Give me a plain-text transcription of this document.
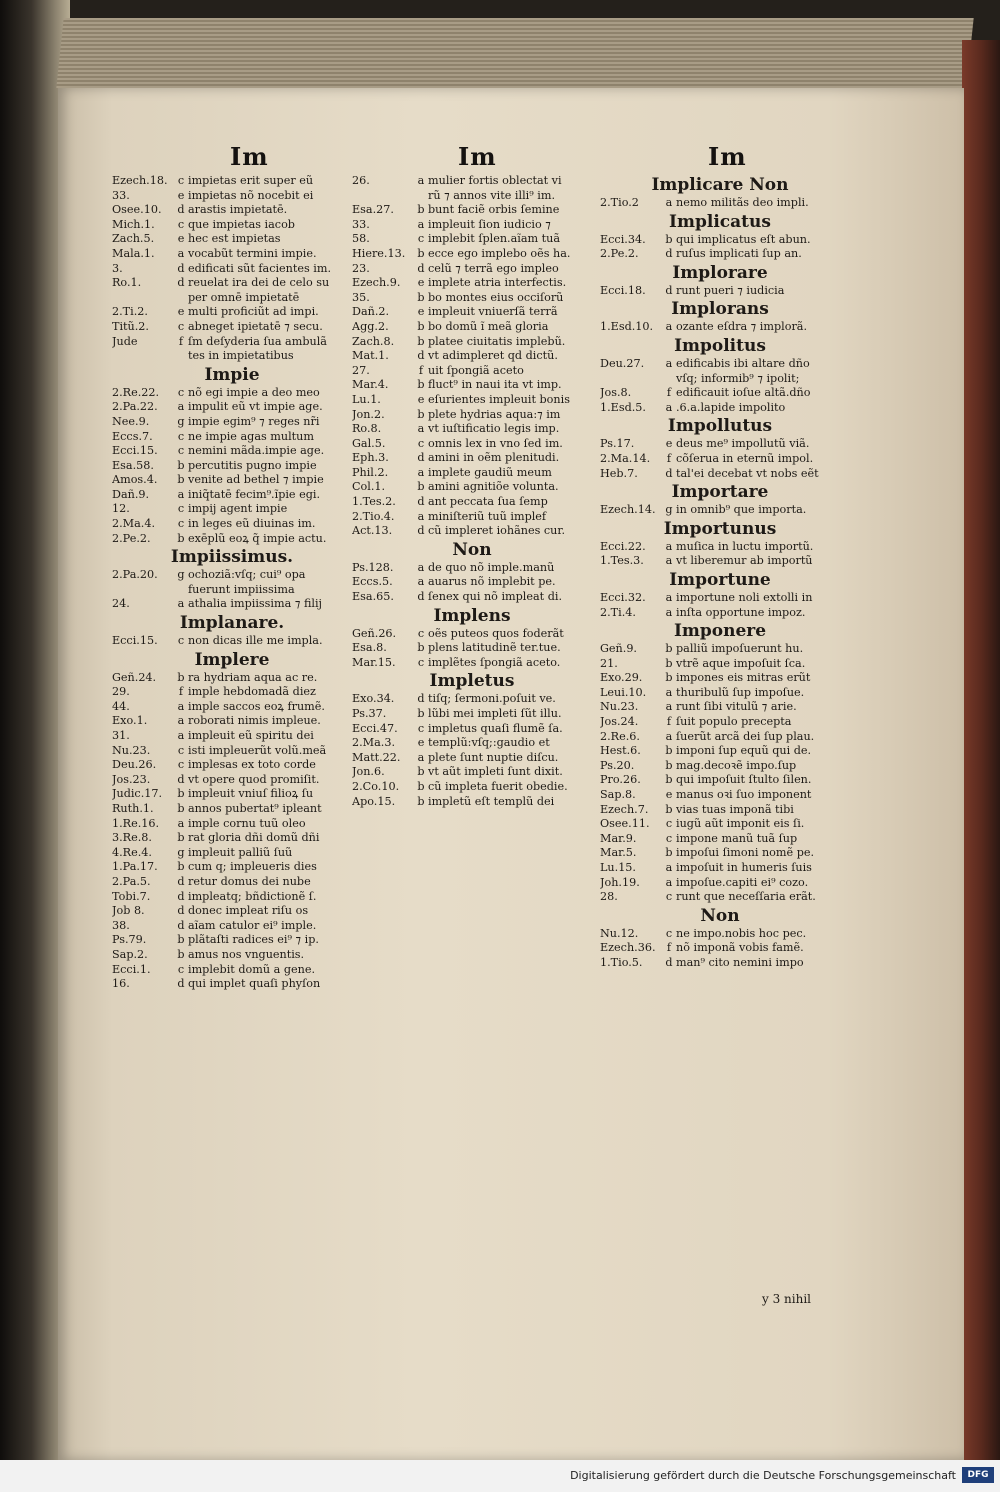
Im	Im	Im
Ezech.18. c impietas erit super eũ
33.	e impietas nõ nocebit ei
Osee.10.	d arastis impietatē.
Mich.1.	c que impietas iacob
Zach.5.	e hec est impietas
Mala.1.	a vocabũt termini impie.
3.	d edificati sũt facientes im.
Ro.1.	d reuelat ira dei de celo su
per omnē impietatē
2.Ti.2.	e multi proficiũt ad impi.
Titũ.2.	c abneget ipietatē ⁊ secu.
Jude	f ſm deſyderia ſua ambulã
tes in impietatibus
Impie
2.Re.22.	c nõ egi impie a deo meo
2.Pa.22.	a impulit eũ vt impie age.
Nee.9.	g impie egim⁹ ⁊ reges nr̃i
Eccs.7.	c ne impie agas multum
Ecci.15.	c nemini mãda.impie age.
Esa.58.	b percutitis pugno impie
Amos.4.	b venite ad bethel ⁊ impie
Dañ.9.	a iniq̃tatē fecim⁹.ĩpie egi.
12.	c impij agent impie
2.Ma.4.	c in leges eũ diuinas im.
2.Pe.2.	b exēplũ eoꝝ q̃ impie actu.
Impiissimus.
2.Pa.20.	g ochoziã:vſq; cui⁹ opa
fuerunt impiissima
24.	a athalia impiissima ⁊ filij
Implanare.
Ecci.15.	c non dicas ille me impla.
Implere
Geñ.24.	b ra hydriam aqua ac re.
29.	f imple hebdomadã diez
44.	a imple saccos eoꝝ frumẽ.
Exo.1.	a roborati nimis impleue.
31.	a impleuit eũ spiritu dei
Nu.23.	c isti impleuerũt volũ.meã
Deu.26.	c implesas ex toto corde
Jos.23.	d vt opere quod promiſit.
Judic.17.	b impleuit vniuſ filioꝝ ſu
Ruth.1.	b annos pubertat⁹ ipleant
1.Re.16.	a imple cornu tuũ oleo
3.Re.8.	b rat gloria dñi domũ dñi
4.Re.4.	g impleuit palliũ ſuũ
1.Pa.17.	b cum q; impleueris dies
2.Pa.5.	d retur domus dei nube
Tobi.7.	d impleatq; bñdictionẽ ſ.
Job 8.	d donec impleat riſu os
38.	d aĩam catulor ei⁹ imple.
Ps.79.	b plãtaſti radices ei⁹ ⁊ ip.
Sap.2.	b amus nos vnguentis.
Ecci.1.	c implebit domũ a gene.
16.	d qui implet quaſi phyſon
26.	a mulier fortis oblectat vi
rũ ⁊ annos vite illi⁹ im.
Esa.27.	b bunt faciẽ orbis ſemine
33.	a impleuit ſion iudicio ⁊
58.	c implebit ſplen.aĩam tuã
Hiere.13.	b ecce ego implebo oẽs ha.
23.	d celũ ⁊ terrã ego impleo
Ezech.9.	e implete atria interfectis.
35.	b bo montes eius occiſorũ
Dañ.2.	e impleuit vniuerſã terrã
Agg.2.	b bo domũ ĩ meã gloria
Zach.8.	b platee ciuitatis implebũ.
Mat.1.	d vt adimpleret qd dictũ.
27.	f uit ſpongiã aceto
Mar.4.	b fluct⁹ in naui ita vt imp.
Lu.1.	e eſurientes impleuit bonis
Jon.2.	b plete hydrias aqua:⁊ im
Ro.8.	a vt iuſtificatio legis imp.
Gal.5.	c omnis lex in vno ſed im.
Eph.3.	d amini in oẽm plenitudi.
Phil.2.	a implete gaudiũ meum
Col.1.	b amini agnitiõe volunta.
1.Tes.2.	d ant peccata ſua ſemp
2.Tio.4.	a miniſteriũ tuũ implef
Act.13.	d cũ impleret iohãnes cur.
Non
Ps.128.	a de quo nõ imple.manũ
Eccs.5.	a auarus nõ implebit pe.
Esa.65.	d ſenex qui nõ impleat di.
Implens
Geñ.26.	c oẽs puteos quos foderãt
Esa.8.	b plens latitudinẽ ter.tue.
Mar.15.	c implẽtes ſpongiã aceto.
Impletus
Exo.34.	d tiſq; ſermoni.poſuit ve.
Ps.37.	b lũbi mei impleti ſũt illu.
Ecci.47.	c impletus quaſi flumẽ ſa.
2.Ma.3.	e templũ:vſq;:gaudio et
Matt.22.	a plete ſunt nuptie diſcu.
Jon.6.	b vt aũt impleti ſunt dixit.
2.Co.10.	b cũ impleta fuerit obedie.
Apo.15.	b impletũ eſt templũ dei
Implicare Non
2.Tio.2	a nemo militãs deo impli.
Implicatus
Ecci.34.	b qui implicatus eſt abun.
2.Pe.2.	d ruſus implicati ſup an.
Implorare
Ecci.18.	d runt pueri ⁊ iudicia
Implorans
1.Esd.10.	a ozante eſdra ⁊ implorã.
Impolitus
Deu.27.	a edificabis ibi altare dño
vſq; informib⁹ ⁊ ipolit;
Jos.8.	f edificauit ioſue altã.dño
1.Esd.5.	a .6.a.lapide impolito
Impollutus
Ps.17.	e deus me⁹ impollutũ viã.
2.Ma.14.	f cõſerua in eternũ impol.
Heb.7.	d tal'ei decebat vt nobs eẽt
Importare
Ezech.14. g in omnib⁹ que importa.
Importunus
Ecci.22.	a muſica in luctu importũ.
1.Tes.3.	a vt liberemur ab importũ
Importune
Ecci.32.	a importune noli extolli in
2.Ti.4.	a inſta opportune impoz.
Imponere
Geñ.9.	b palliũ impoſuerunt hu.
21.	b vtrẽ aque impoſuit ſca.
Exo.29.	b impones eis mitras erũt
Leui.10.	a thuribulũ ſup impoſue.
Nu.23.	a runt ſibi vitulũ ⁊ arie.
Jos.24.	f ſuit populo precepta
2.Re.6.	a ſuerũt arcã dei ſup plau.
Hest.6.	b imponi ſup equũ qui de.
Ps.20.	b mag.decoꝛẽ impo.ſup
Pro.26.	b qui impoſuit ſtulto ſilen.
Sap.8.	e manus oꝛi ſuo imponent
Ezech.7.	b vias tuas imponã tibi
Osee.11.	c iugũ aũt imponit eis ſi.
Mar.9.	c impone manũ tuã ſup
Mar.5.	b impoſui ſimoni nomẽ pe.
Lu.15.	a impoſuit in humeris ſuis
Joh.19.	a impoſue.capiti ei⁹ cozo.
28.	c runt que neceſſaria erãt.
Non
Nu.12.	c ne impo.nobis hoc pec.
Ezech.36.	f nõ imponã vobis famẽ.
1.Tio.5.	d man⁹ cito nemini impo
y 3 nihil
Digitalisierung gefördert durch die Deutsche Forschungsgemeinschaft	DFG
